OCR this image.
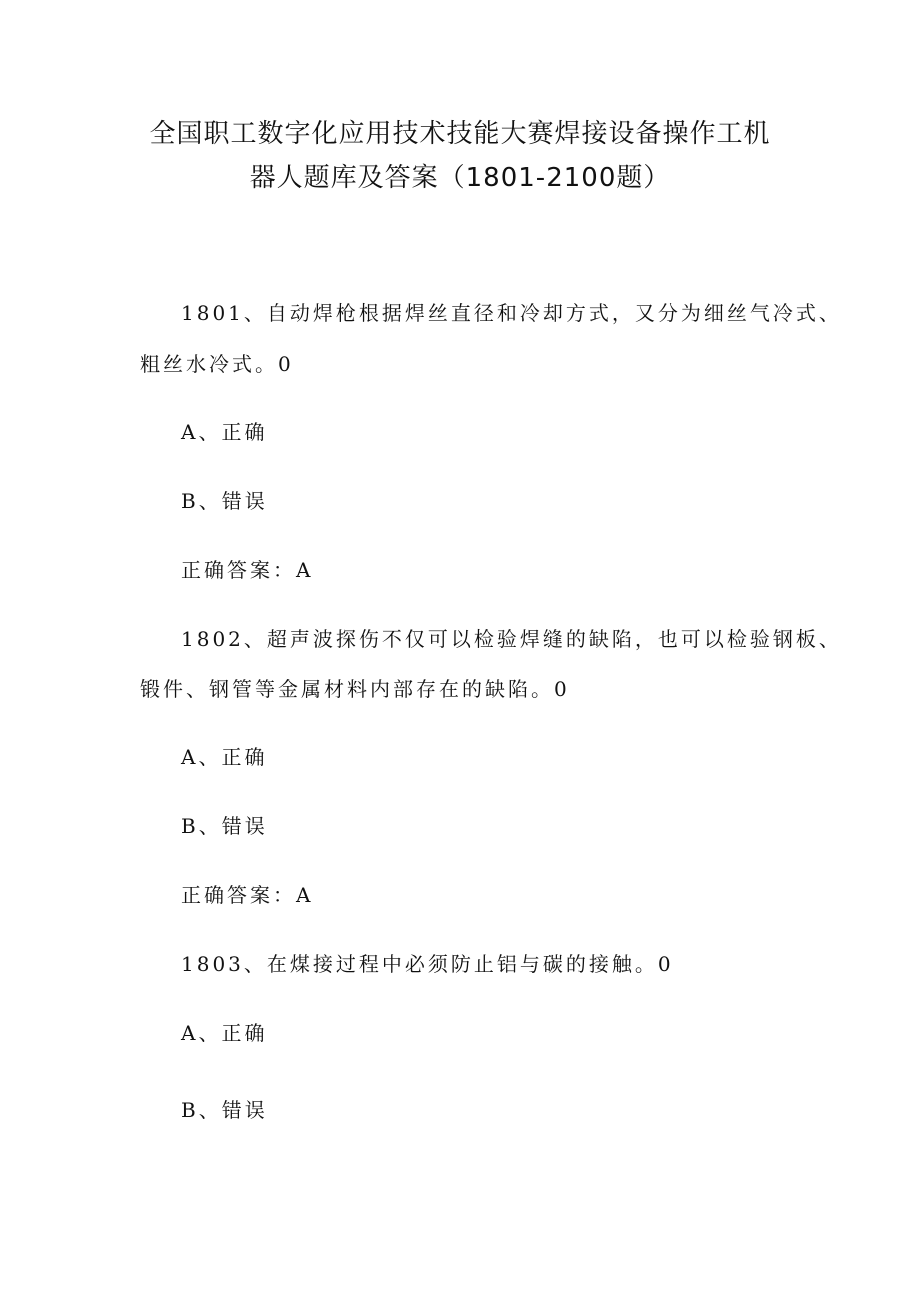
全国职工数字化应用技术技能大赛焊接设备操作工机
器人题库及答案（1801-2100题）
1801、自动焊枪根据焊丝直径和冷却方式，又分为细丝气冷式、
粗丝水冷式。0
A、正确
B、错误
正确答案：A
1802、超声波探伤不仅可以检验焊缝的缺陷，也可以检验钢板、
锻件、钢管等金属材料内部存在的缺陷。0
A、正确
B、错误
正确答案：A
1803、在煤接过程中必须防止铝与碳的接触。0
A、正确
B、错误
